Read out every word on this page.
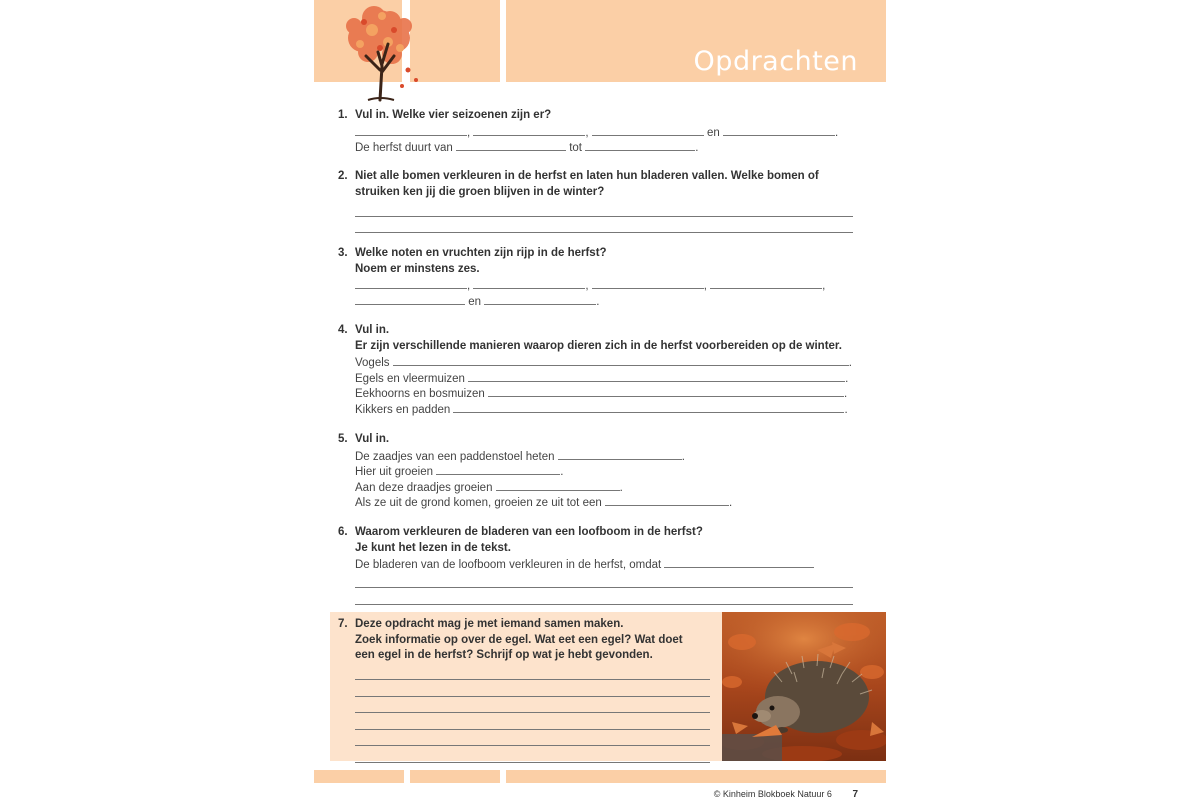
Opdrachten
1. Vul in. Welke vier seizoenen zijn er?
,	,	en	.
De herfst duurt van	tot	.
2. Niet alle bomen verkleuren in de herfst en laten hun bladeren vallen. Welke bomen of
struiken ken jij die groen blijven in de winter?
3. Welke noten en vruchten zijn rijp in de herfst?
Noem er minstens zes.
,	,	,	,
en	.
4. Vul in.
Er zijn verschillende manieren waarop dieren zich in de herfst voorbereiden op de winter.
Vogels	.
Egels en vleermuizen	.
Eekhoorns en bosmuizen	.
Kikkers en padden	.
5. Vul in.
De zaadjes van een paddenstoel heten	.
Hier uit groeien	.
Aan deze draadjes groeien	.
Als ze uit de grond komen, groeien ze uit tot een	.
6. Waarom verkleuren de bladeren van een loofboom in de herfst?
Je kunt het lezen in de tekst.
De bladeren van de loofboom verkleuren in de herfst, omdat
7. Deze opdracht mag je met iemand samen maken.
Zoek informatie op over de egel. Wat eet een egel? Wat doet
een egel in de herfst? Schrijf op wat je hebt gevonden.
© Kinheim Blokboek Natuur 6 7
